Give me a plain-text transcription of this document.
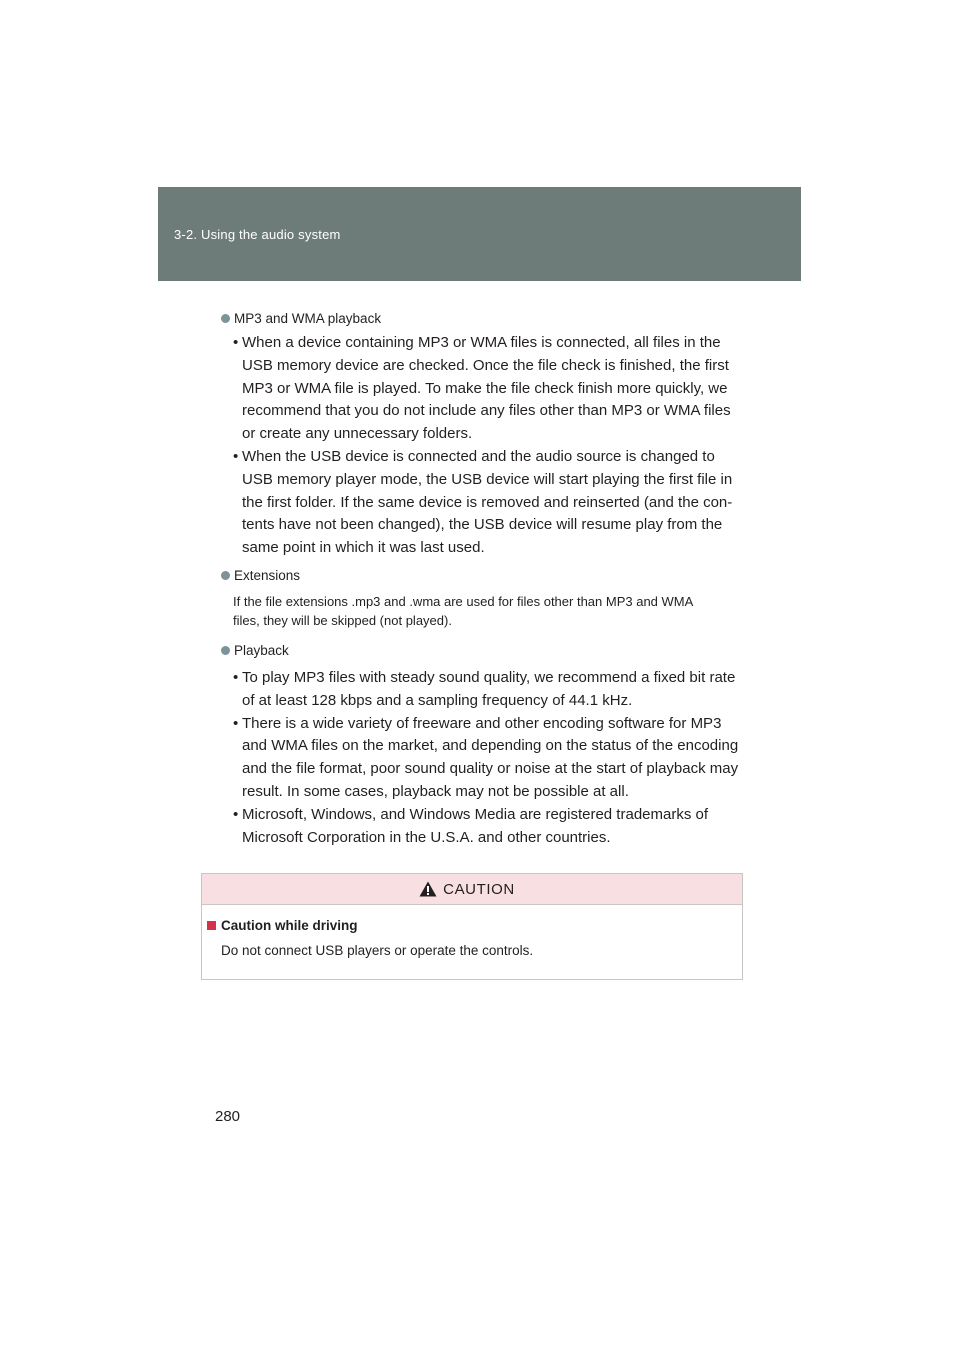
3-2. Using the audio system
MP3 and WMA playback
• When a device containing MP3 or WMA files is connected, all files in the
USB memory device are checked. Once the file check is finished, the first
MP3 or WMA file is played. To make the file check finish more quickly, we
recommend that you do not include any files other than MP3 or WMA files
or create any unnecessary folders.
• When the USB device is connected and the audio source is changed to
USB memory player mode, the USB device will start playing the first file in
the first folder. If the same device is removed and reinserted (and the con-
tents have not been changed), the USB device will resume play from the
same point in which it was last used.
Extensions
If the file extensions .mp3 and .wma are used for files other than MP3 and WMA
files, they will be skipped (not played).
Playback
• To play MP3 files with steady sound quality, we recommend a fixed bit rate
of at least 128 kbps and a sampling frequency of 44.1 kHz.
• There is a wide variety of freeware and other encoding software for MP3
and WMA files on the market, and depending on the status of the encoding
and the file format, poor sound quality or noise at the start of playback may
result. In some cases, playback may not be possible at all.
• Microsoft, Windows, and Windows Media are registered trademarks of
Microsoft Corporation in the U.S.A. and other countries.
CAUTION
Caution while driving
Do not connect USB players or operate the controls.
280
